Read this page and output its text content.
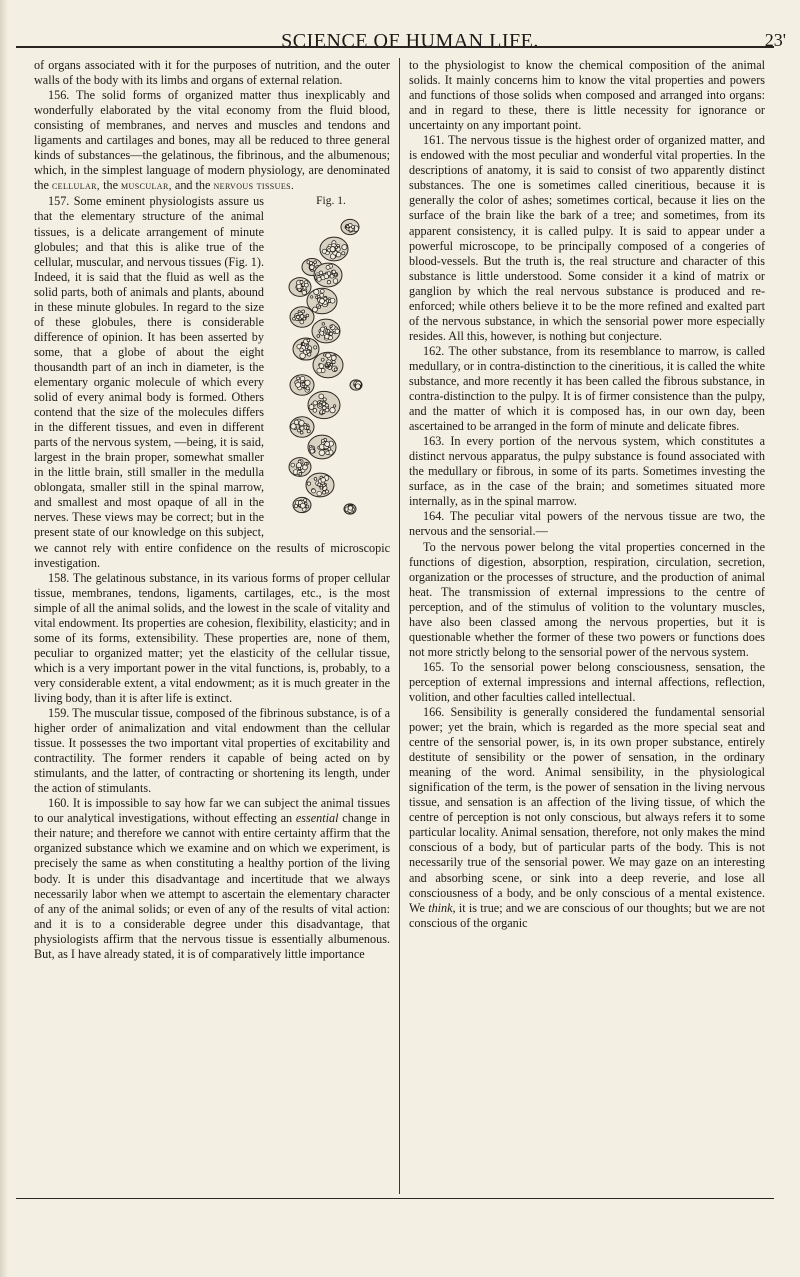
SCIENCE OF HUMAN LIFE.	23'

of organs associated with it for the purposes of nutrition, and the outer walls of the body with its limbs and organs of external relation.

156. The solid forms of organized matter thus inexplicably and wonderfully elaborated by the vital economy from the fluid blood, consisting of membranes, and nerves and muscles and tendons and ligaments and cartilages and bones, may all be reduced to three general kinds of substances—the gelatinous, the fibrinous, and the albumenous; which, in the simplest language of modern physiology, are denominated the cellular, the muscular, and the nervous tissues.

Fig. 1.

157. Some eminent physiologists assure us that the elementary structure of the animal tissues, is a delicate arrangement of minute globules; and that this is alike true of the cellular, muscular, and nervous tissues (Fig. 1). Indeed, it is said that the fluid as well as the solid parts, both of animals and plants, abound in these minute globules. In regard to the size of these globules, there is considerable difference of opinion. It has been asserted by some, that a globe of about the eight thousandth part of an inch in diameter, is the elementary organic molecule of which every solid of every animal body is formed. Others contend that the size of the molecules differs in the different tissues, and even in different parts of the nervous system, —being, it is said, largest in the brain proper, somewhat smaller in the little brain, still smaller in the medulla oblongata, smaller still in the spinal marrow, and smallest and most opaque of all in the nerves. These views may be correct; but in the present state of our knowledge on this subject, we cannot rely with entire confidence on the results of microscopic investigation.

158. The gelatinous substance, in its various forms of proper cellular tissue, membranes, tendons, ligaments, cartilages, etc., is the most simple of all the animal solids, and the lowest in the scale of vitality and vital endowment. Its properties are cohesion, flexibility, elasticity; and in some of its forms, extensibility. These properties are, none of them, peculiar to organized matter; yet the elasticity of the cellular tissue, which is a very important power in the vital functions, is, probably, to a very considerable extent, a vital endowment; as it is much greater in the living body, than it is after life is extinct.

159. The muscular tissue, composed of the fibrinous substance, is of a higher order of animalization and vital endowment than the cellular tissue. It possesses the two important vital properties of excitability and contractility. The former renders it capable of being acted on by stimulants, and the latter, of contracting or shortening its length, under the action of stimulants.

160. It is impossible to say how far we can subject the animal tissues to our analytical investigations, without effecting an essential change in their nature; and therefore we cannot with entire certainty affirm that the organized substance which we examine and on which we experiment, is precisely the same as when constituting a healthy portion of the living body. It is under this disadvantage and incertitude that we always necessarily labor when we attempt to ascertain the elementary character of any of the animal solids; or even of any of the results of vital action: and it is to a considerable degree under this disadvantage, that physiologists affirm that the nervous tissue is essentially albumenous. But, as I have already stated, it is of comparatively little importance

to the physiologist to know the chemical composition of the animal solids. It mainly concerns him to know the vital properties and powers and functions of those solids when composed and arranged into organs: and in regard to these, there is little necessity for ignorance or uncertainty on any important point.

161. The nervous tissue is the highest order of organized matter, and is endowed with the most peculiar and wonderful vital properties. In the descriptions of anatomy, it is said to consist of two apparently distinct substances. The one is sometimes called cineritious, because it is generally the color of ashes; sometimes cortical, because it lies on the surface of the brain like the bark of a tree; and sometimes, from its apparent consistency, it is called pulpy. It is said to appear under a powerful microscope, to be principally composed of a congeries of blood-vessels. But the truth is, the real structure and character of this substance is little understood. Some consider it a kind of matrix or ganglion by which the real nervous substance is produced and re-enforced; while others believe it to be the more refined and exalted part of the nervous substance, in which the sensorial power more especially resides. All this, however, is nothing but conjecture.

162. The other substance, from its resemblance to marrow, is called medullary, or in contra-distinction to the cineritious, it is called the white substance, and more recently it has been called the fibrous substance, in contra-distinction to the pulpy. It is of firmer consistence than the pulpy, and the matter of which it is composed has, in our own day, been ascertained to be arranged in the form of minute and delicate fibres.

163. In every portion of the nervous system, which constitutes a distinct nervous apparatus, the pulpy substance is found associated with the medullary or fibrous, in some of its parts. Sometimes investing the surface, as in the case of the brain; and sometimes situated more internally, as in the spinal marrow.

164. The peculiar vital powers of the nervous tissue are two, the nervous and the sensorial.—

To the nervous power belong the vital properties concerned in the functions of digestion, absorption, respiration, circulation, secretion, organization or the processes of structure, and the production of animal heat. The transmission of external impressions to the centre of perception, and of the stimulus of volition to the voluntary muscles, have also been classed among the nervous properties, but it is questionable whether the former of these two powers or functions does not more strictly belong to the sensorial power of the nervous system.

165. To the sensorial power belong consciousness, sensation, the perception of external impressions and internal affections, reflection, volition, and other faculties called intellectual.

166. Sensibility is generally considered the fundamental sensorial power; yet the brain, which is regarded as the more special seat and centre of the sensorial power, is, in its own proper substance, entirely destitute of sensibility or the power of sensation, in the ordinary meaning of the word. Animal sensibility, in the physiological signification of the term, is the power of sensation in the living nervous tissue, and sensation is an affection of the living tissue, of which the centre of perception is not only conscious, but always refers it to some particular locality. Animal sensation, therefore, not only makes the mind conscious of a body, but of particular parts of the body. This is not necessarily true of the sensorial power. We may gaze on an interesting and absorbing scene, or sink into a deep reverie, and lose all consciousness of a body, and be only conscious of a mental existence. We think, it is true; and we are conscious of our thoughts; but we are not conscious of the organic
